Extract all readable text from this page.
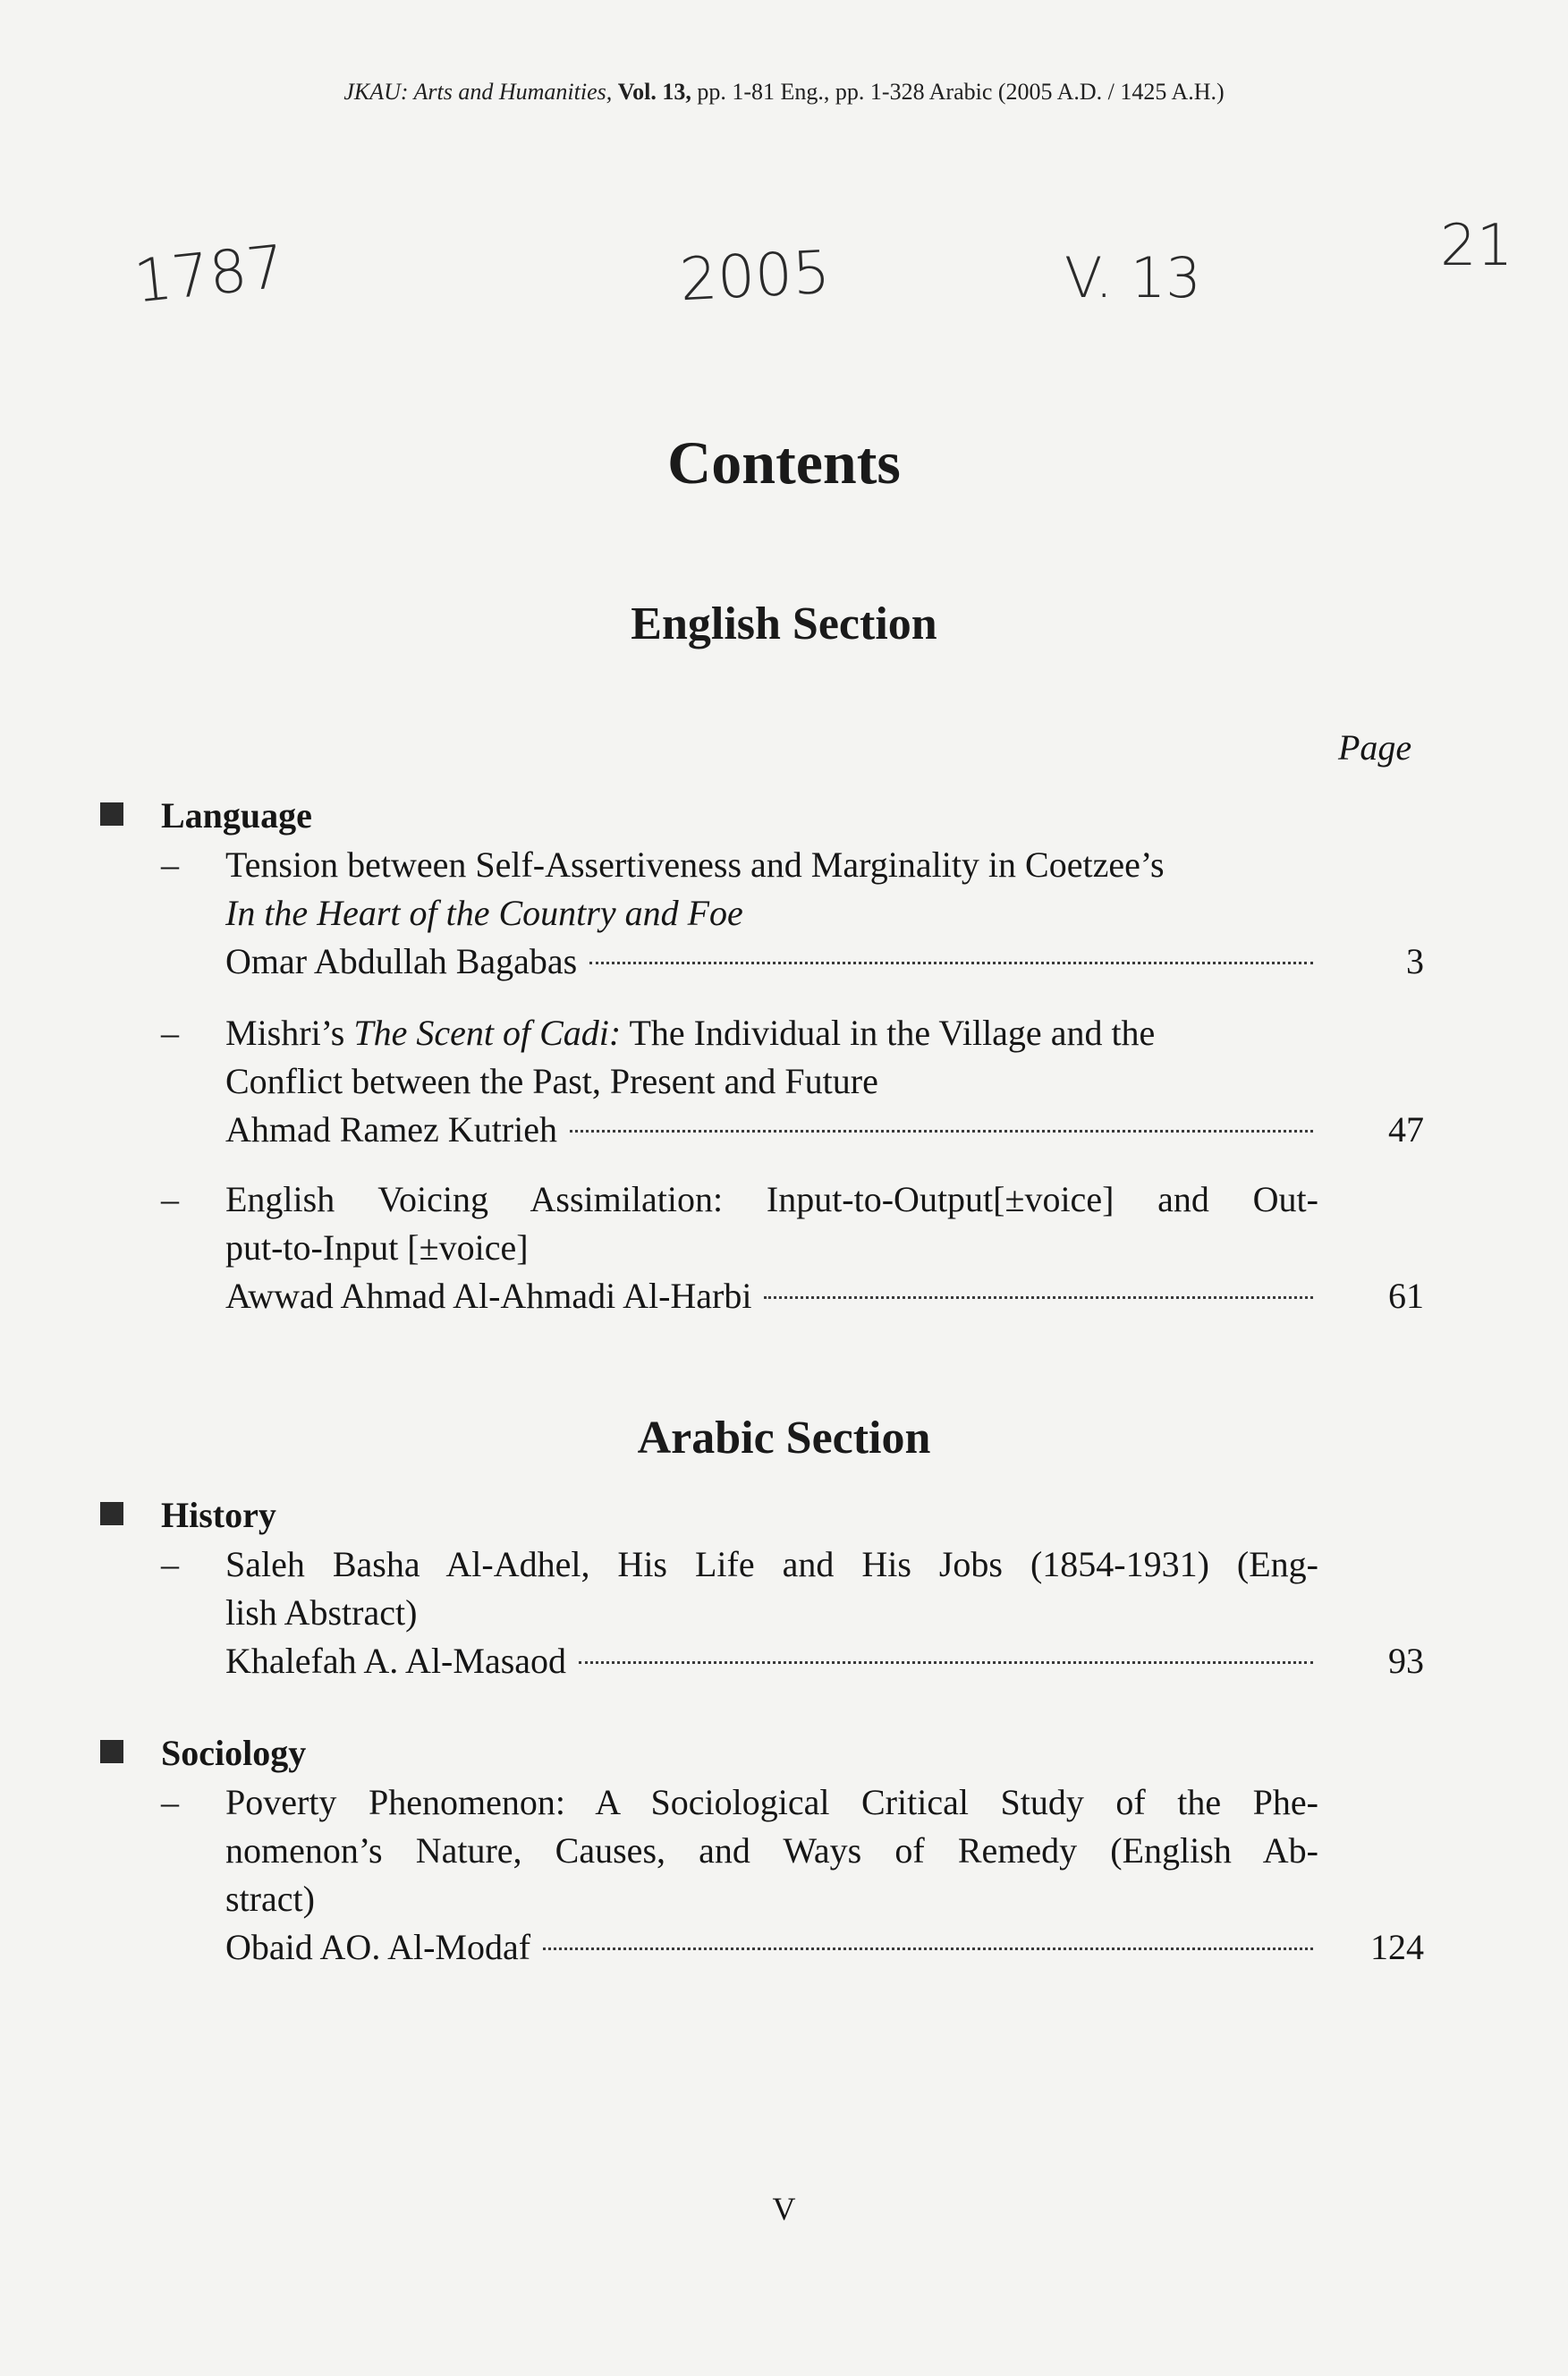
JKAU: Arts and Humanities, Vol. 13, pp. 1-81 Eng., pp. 1-328 Arabic (2005 A.D. / 1425 A.H.)
1787	2005	V. 13	21
Contents
English Section
Page
Language
– Tension between Self-Assertiveness and Marginality in Coetzee’s
In the Heart of the Country and Foe
Omar Abdullah Bagabas	3
– Mishri’s The Scent of Cadi: The Individual in the Village and the
Conflict between the Past, Present and Future
Ahmad Ramez Kutrieh	47
– English Voicing Assimilation: Input-to-Output[±voice] and Out-
put-to-Input [±voice]
Awwad Ahmad Al-Ahmadi Al-Harbi	61
Arabic Section
History
– Saleh Basha Al-Adhel, His Life and His Jobs (1854-1931) (Eng-
lish Abstract)
Khalefah A. Al-Masaod	93
Sociology
– Poverty Phenomenon: A Sociological Critical Study of the Phe-
nomenon’s Nature, Causes, and Ways of Remedy (English Ab-
stract)
Obaid AO. Al-Modaf	124
V
